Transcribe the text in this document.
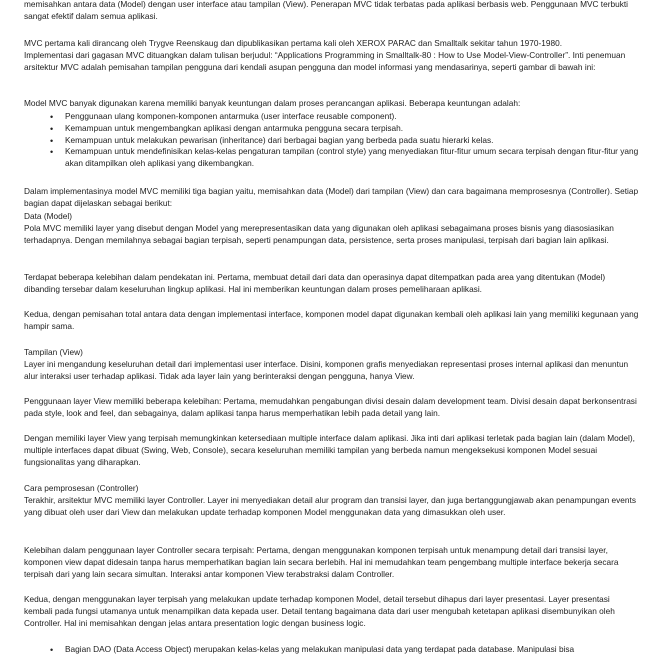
memisahkan antara data (Model) dengan user interface atau tampilan (View). Penerapan MVC tidak terbatas pada aplikasi berbasis web. Penggunaan MVC terbukti sangat efektif dalam semua aplikasi.

MVC pertama kali dirancang oleh Trygve Reenskaug dan dipublikasikan pertama kali oleh XEROX PARAC dan Smalltalk sekitar tahun 1970-1980.

Implementasi dari gagasan MVC dituangkan dalam tulisan berjudul: “Applications Programming in Smalltalk-80 : How to Use Model-View-Controller”. Inti penemuan arsitektur MVC adalah pemisahan tampilan pengguna dari kendali asupan pengguna dan model informasi yang mendasarinya, seperti gambar di bawah ini:

Model MVC banyak digunakan karena memiliki banyak keuntungan dalam proses perancangan aplikasi. Beberapa keuntungan adalah:

• Penggunaan ulang komponen-komponen antarmuka (user interface reusable component).
• Kemampuan untuk mengembangkan aplikasi dengan antarmuka pengguna secara terpisah.
• Kemampuan untuk melakukan pewarisan (inheritance) dari berbagai bagian yang berbeda pada suatu hierarki kelas.
• Kemampuan untuk mendefinisikan kelas-kelas pengaturan tampilan (control style) yang menyediakan fitur-fitur umum secara terpisah dengan fitur-fitur yang akan ditampilkan oleh aplikasi yang dikembangkan.

Dalam implementasinya model MVC memiliki tiga bagian yaitu, memisahkan data (Model) dari tampilan (View) dan cara bagaimana memprosesnya (Controller). Setiap bagian dapat dijelaskan sebagai berikut:

Data (Model)

Pola MVC memiliki layer yang disebut dengan Model yang merepresentasikan data yang digunakan oleh aplikasi sebagaimana proses bisnis yang diasosiasikan terhadapnya. Dengan memilahnya sebagai bagian terpisah, seperti penampungan data, persistence, serta proses manipulasi, terpisah dari bagian lain aplikasi.

Terdapat beberapa kelebihan dalam pendekatan ini. Pertama, membuat detail dari data dan operasinya dapat ditempatkan pada area yang ditentukan (Model) dibanding tersebar dalam keseluruhan lingkup aplikasi. Hal ini memberikan keuntungan dalam proses pemeliharaan aplikasi.

Kedua, dengan pemisahan total antara data dengan implementasi interface, komponen model dapat digunakan kembali oleh aplikasi lain yang memiliki kegunaan yang hampir sama.

Tampilan (View)

Layer ini mengandung keseluruhan detail dari implementasi user interface. Disini, komponen grafis menyediakan representasi proses internal aplikasi dan menuntun alur interaksi user terhadap aplikasi. Tidak ada layer lain yang berinteraksi dengan pengguna, hanya View.

Penggunaan layer View memiliki beberapa kelebihan: Pertama, memudahkan pengabungan divisi desain dalam development team. Divisi desain dapat berkonsentrasi pada style, look and feel, dan sebagainya, dalam aplikasi tanpa harus memperhatikan lebih pada detail yang lain.

Dengan memiliki layer View yang terpisah memungkinkan ketersediaan multiple interface dalam aplikasi. Jika inti dari aplikasi terletak pada bagian lain (dalam Model), multiple interfaces dapat dibuat (Swing, Web, Console), secara keseluruhan memiliki tampilan yang berbeda namun mengeksekusi komponen Model sesuai fungsionalitas yang diharapkan.

Cara pemprosesan (Controller)

Terakhir, arsitektur MVC memiliki layer Controller. Layer ini menyediakan detail alur program dan transisi layer, dan juga bertanggungjawab akan penampungan events yang dibuat oleh user dari View dan melakukan update terhadap komponen Model menggunakan data yang dimasukkan oleh user.

Kelebihan dalam penggunaan layer Controller secara terpisah: Pertama, dengan menggunakan komponen terpisah untuk menampung detail dari transisi layer, komponen view dapat didesain tanpa harus memperhatikan bagian lain secara berlebih. Hal ini memudahkan team pengembang multiple interface bekerja secara terpisah dari yang lain secara simultan. Interaksi antar komponen View terabstraksi dalam Controller.

Kedua, dengan menggunakan layer terpisah yang melakukan update terhadap komponen Model, detail tersebut dihapus dari layer presentasi. Layer presentasi kembali pada fungsi utamanya untuk menampilkan data kepada user. Detail tentang bagaimana data dari user mengubah ketetapan aplikasi disembunyikan oleh Controller. Hal ini memisahkan dengan jelas antara presentation logic dengan business logic.

• Bagian DAO (Data Access Object) merupakan kelas-kelas yang melakukan manipulasi data yang terdapat pada database. Manipulasi bisa
